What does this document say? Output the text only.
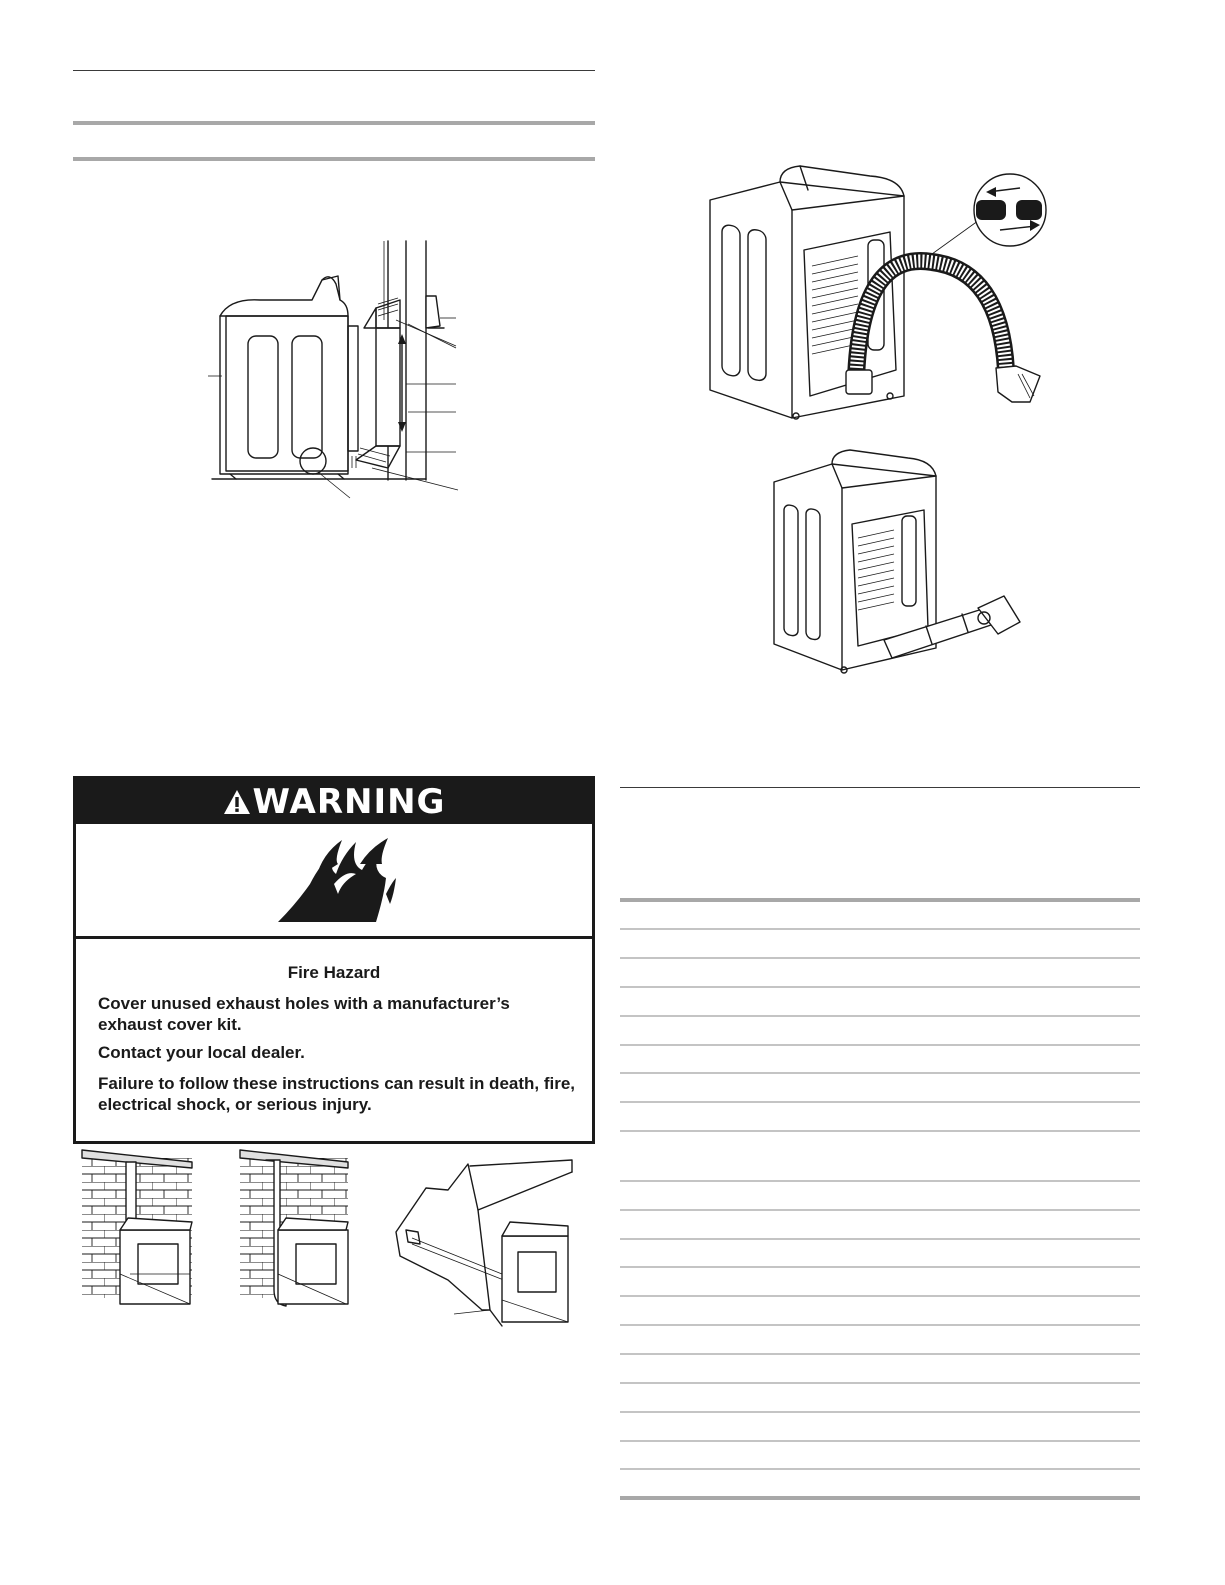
WARNING
Fire Hazard
Cover unused exhaust holes with a manufacturer’s exhaust cover kit.
Contact your local dealer.
Failure to follow these instructions can result in death, fire, electrical shock, or serious injury.
